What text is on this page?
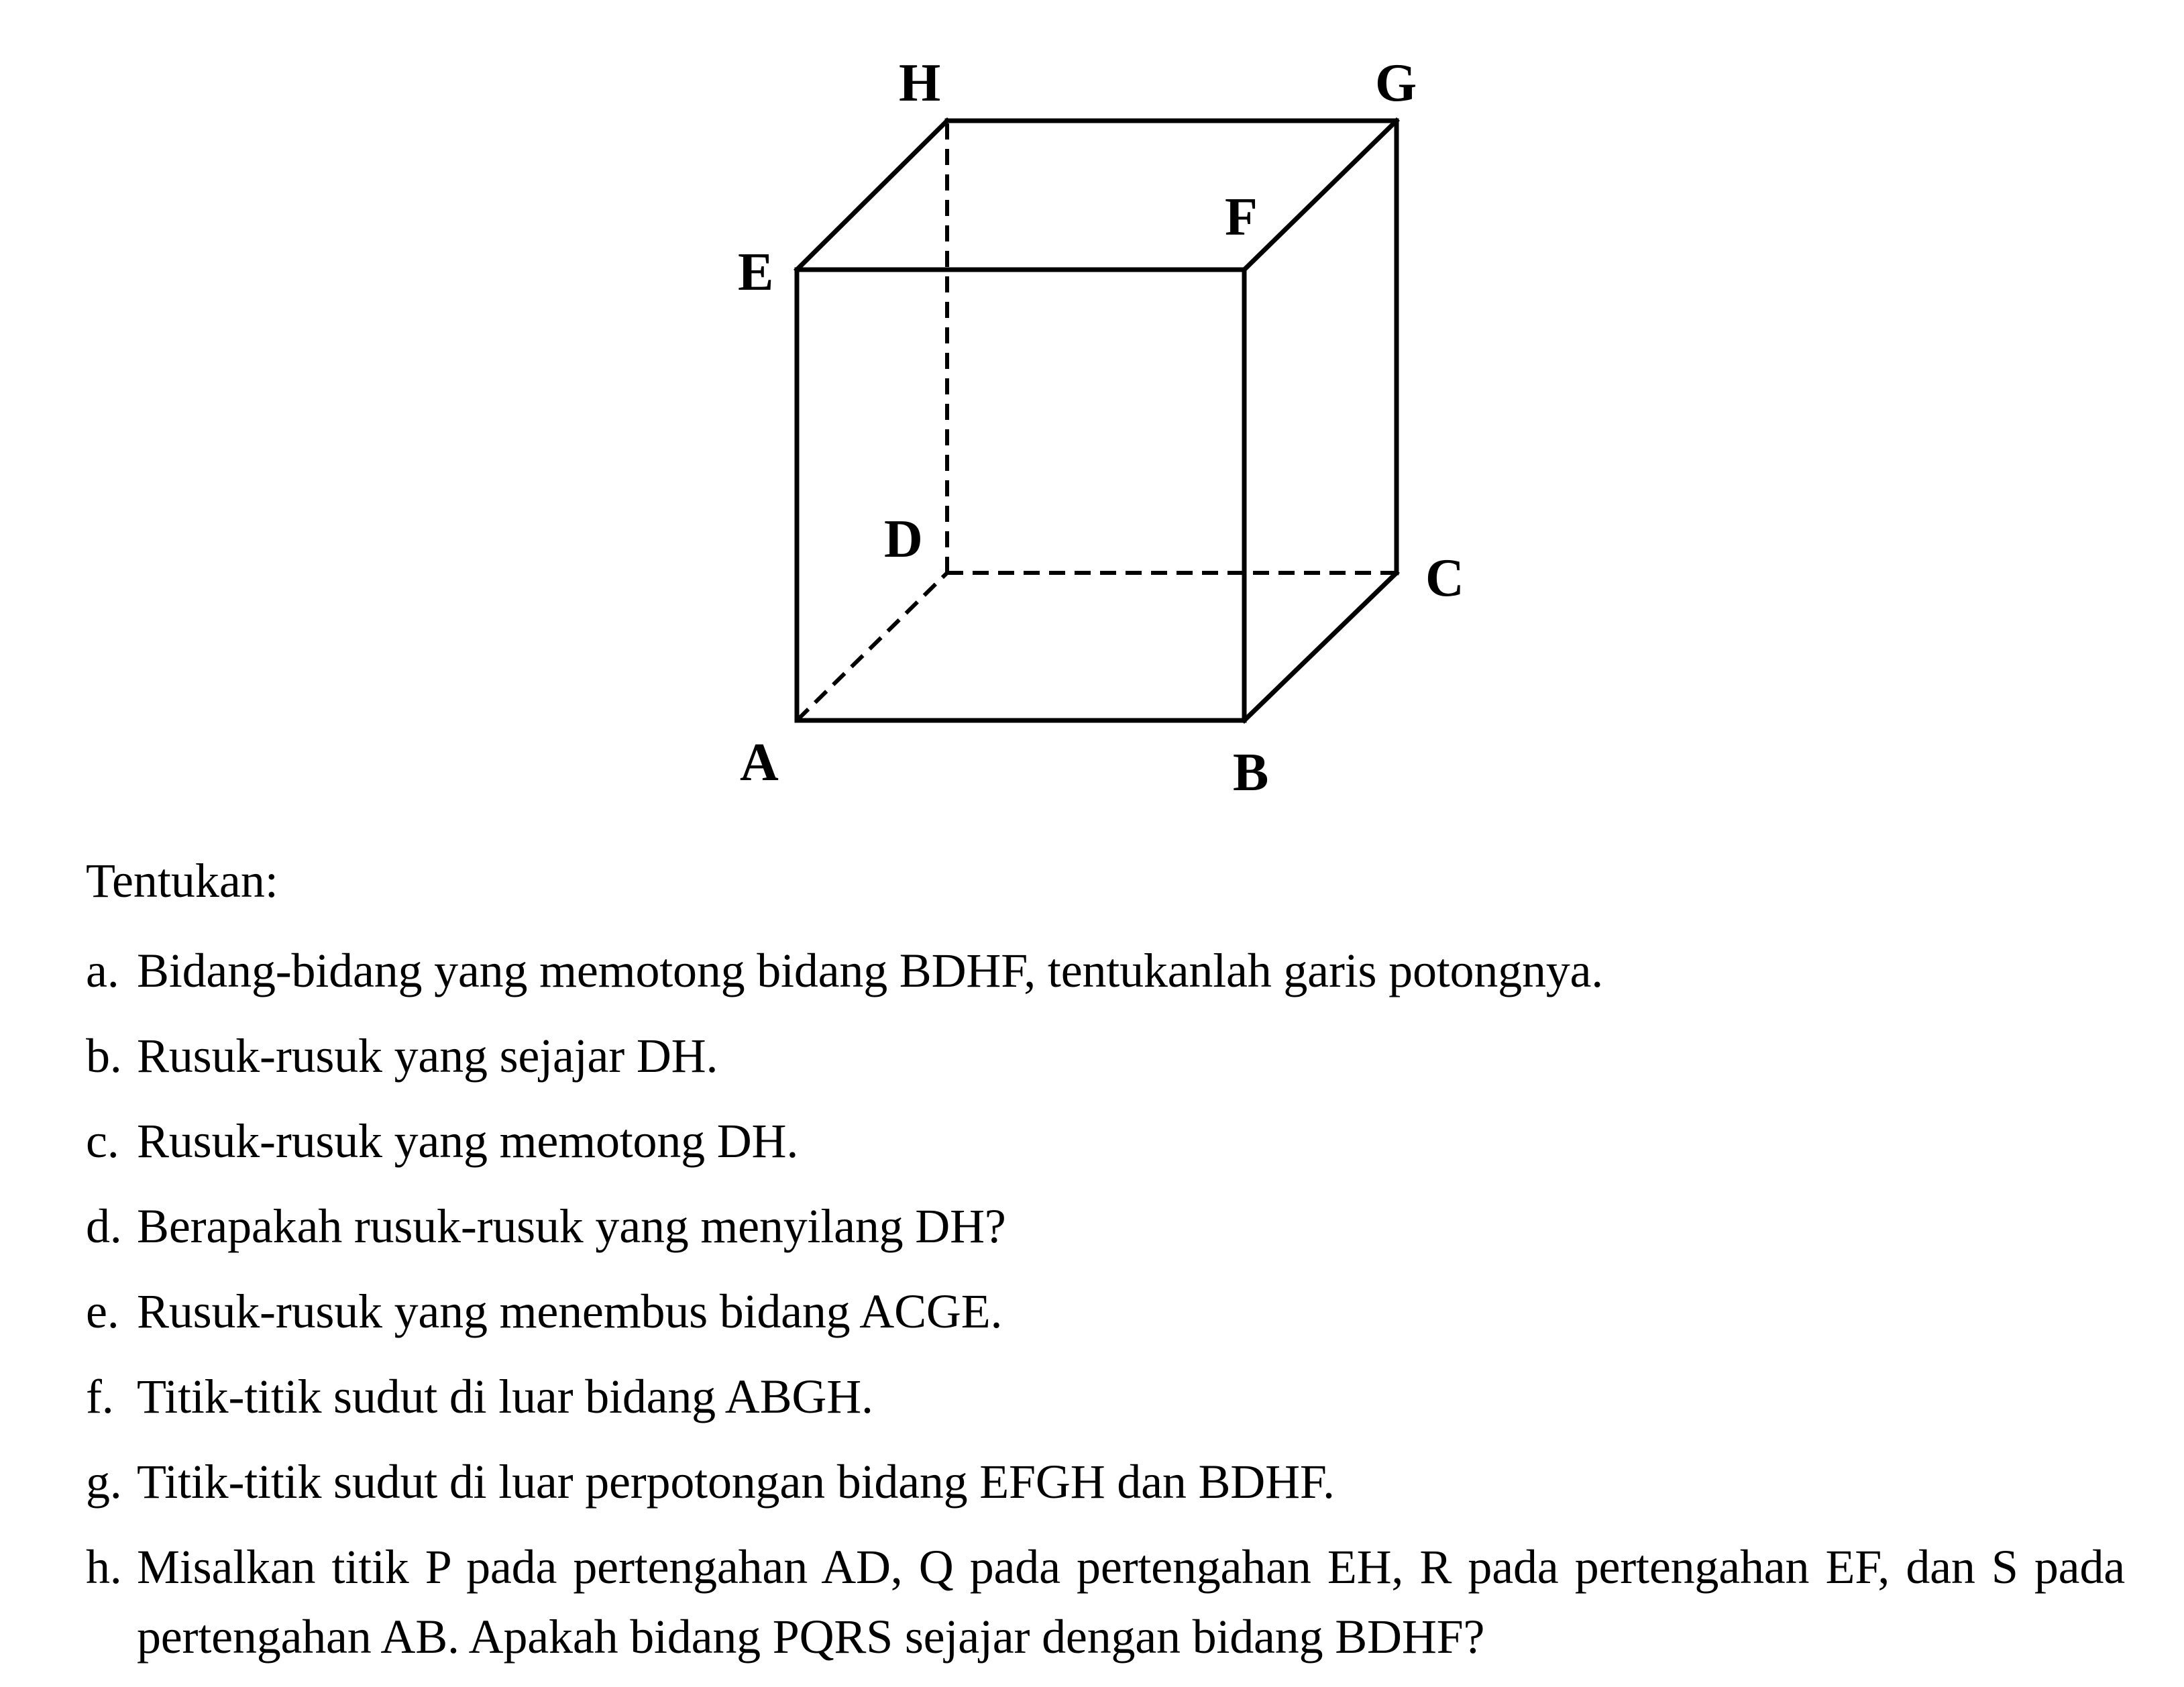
H	G
F
E
D
C
A	B
Tentukan:
a. Bidang-bidang yang memotong bidang BDHF, tentukanlah garis potongnya.
b. Rusuk-rusuk yang sejajar DH.
c. Rusuk-rusuk yang memotong DH.
d. Berapakah rusuk-rusuk yang menyilang DH?
e. Rusuk-rusuk yang menembus bidang ACGE.
f. Titik-titik sudut di luar bidang ABGH.
g. Titik-titik sudut di luar perpotongan bidang EFGH dan BDHF.
h. Misalkan titik P pada pertengahan AD, Q pada pertengahan EH, R pada pertengahan EF, dan S pada pertengahan AB. Apakah bidang PQRS sejajar dengan bidang BDHF?
